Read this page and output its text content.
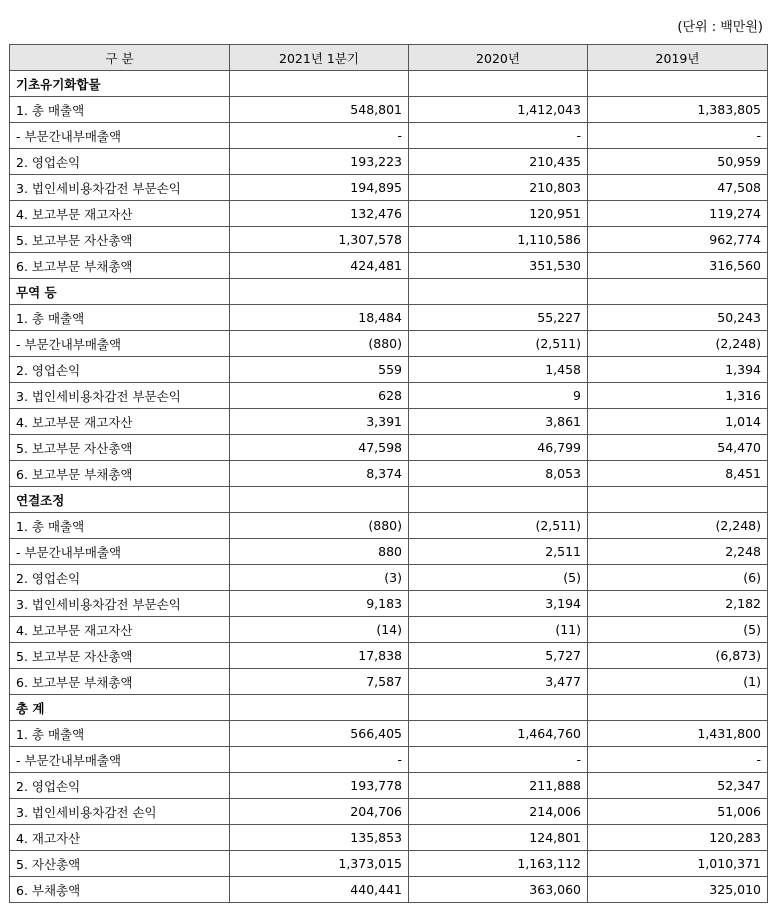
(단위 : 백만원)
구 분	2021년 1분기	2020년	2019년
기초유기화합물			
1. 총 매출액	548,801	1,412,043	1,383,805
- 부문간내부매출액	-	-	-
2. 영업손익	193,223	210,435	50,959
3. 법인세비용차감전 부문손익	194,895	210,803	47,508
4. 보고부문 재고자산	132,476	120,951	119,274
5. 보고부문 자산총액	1,307,578	1,110,586	962,774
6. 보고부문 부채총액	424,481	351,530	316,560
무역 등			
1. 총 매출액	18,484	55,227	50,243
- 부문간내부매출액	(880)	(2,511)	(2,248)
2. 영업손익	559	1,458	1,394
3. 법인세비용차감전 부문손익	628	9	1,316
4. 보고부문 재고자산	3,391	3,861	1,014
5. 보고부문 자산총액	47,598	46,799	54,470
6. 보고부문 부채총액	8,374	8,053	8,451
연결조정			
1. 총 매출액	(880)	(2,511)	(2,248)
- 부문간내부매출액	880	2,511	2,248
2. 영업손익	(3)	(5)	(6)
3. 법인세비용차감전 부문손익	9,183	3,194	2,182
4. 보고부문 재고자산	(14)	(11)	(5)
5. 보고부문 자산총액	17,838	5,727	(6,873)
6. 보고부문 부채총액	7,587	3,477	(1)
총 계			
1. 총 매출액	566,405	1,464,760	1,431,800
- 부문간내부매출액	-	-	-
2. 영업손익	193,778	211,888	52,347
3. 법인세비용차감전 손익	204,706	214,006	51,006
4. 재고자산	135,853	124,801	120,283
5. 자산총액	1,373,015	1,163,112	1,010,371
6. 부채총액	440,441	363,060	325,010
